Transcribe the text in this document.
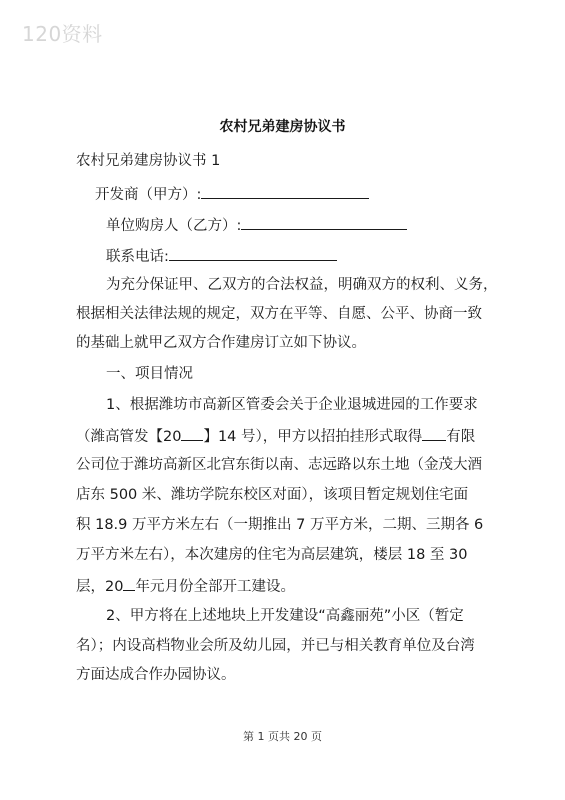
120资料
农村兄弟建房协议书
农村兄弟建房协议书 1
开发商（甲方）:
单位购房人（乙方）:
联系电话:
为充分保证甲、乙双方的合法权益，明确双方的权利、义务，
根据相关法律法规的规定，双方在平等、自愿、公平、协商一致
的基础上就甲乙双方合作建房订立如下协议。
一、项目情况
1、根据潍坊市高新区管委会关于企业退城进园的工作要求
（潍高管发【20 】14 号），甲方以招拍挂形式取得 有限
公司位于潍坊高新区北宫东街以南、志远路以东土地（金茂大酒
店东 500 米、潍坊学院东校区对面），该项目暂定规划住宅面
积 18.9 万平方米左右（一期推出 7 万平方米，二期、三期各 6
万平方米左右），本次建房的住宅为高层建筑，楼层 18 至 30
层，20 年元月份全部开工建设。
2、甲方将在上述地块上开发建设“高鑫丽苑”小区（暂定
名）；内设高档物业会所及幼儿园，并已与相关教育单位及台湾
方面达成合作办园协议。
第 1 页共 20 页
